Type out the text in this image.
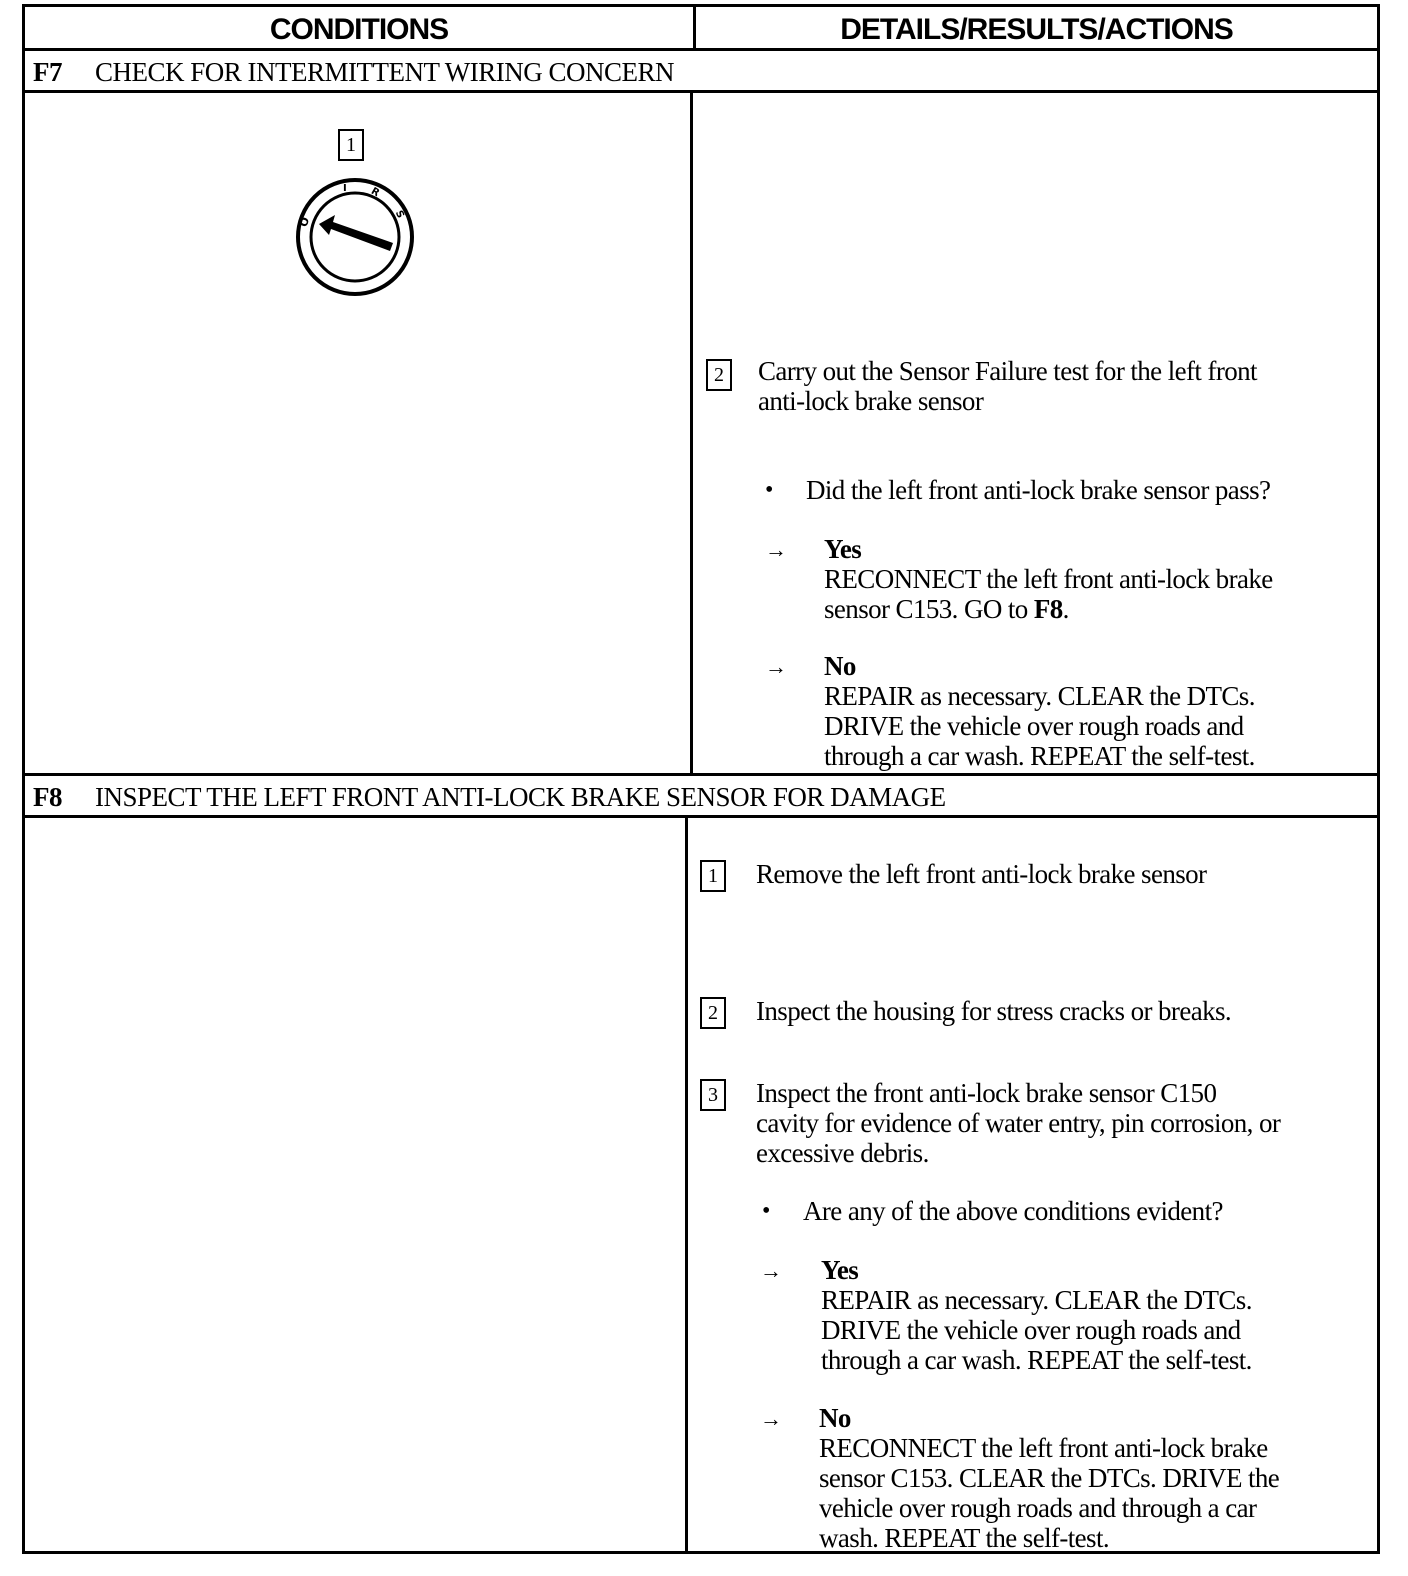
CONDITIONS	DETAILS/RESULTS/ACTIONS
F7 CHECK FOR INTERMITTENT WIRING CONCERN
1
O
I R
S
2 Carry out the Sensor Failure test for the left front
anti-lock brake sensor
• Did the left front anti-lock brake sensor pass?
→ Yes
RECONNECT the left front anti-lock brake
sensor C153. GO to F8.
→ No
REPAIR as necessary. CLEAR the DTCs.
DRIVE the vehicle over rough roads and
through a car wash. REPEAT the self-test.
F8 INSPECT THE LEFT FRONT ANTI-LOCK BRAKE SENSOR FOR DAMAGE
1 Remove the left front anti-lock brake sensor
2 Inspect the housing for stress cracks or breaks.
3 Inspect the front anti-lock brake sensor C150
cavity for evidence of water entry, pin corrosion, or
excessive debris.
• Are any of the above conditions evident?
→ Yes
REPAIR as necessary. CLEAR the DTCs.
DRIVE the vehicle over rough roads and
through a car wash. REPEAT the self-test.
→ No
RECONNECT the left front anti-lock brake
sensor C153. CLEAR the DTCs. DRIVE the
vehicle over rough roads and through a car
wash. REPEAT the self-test.
